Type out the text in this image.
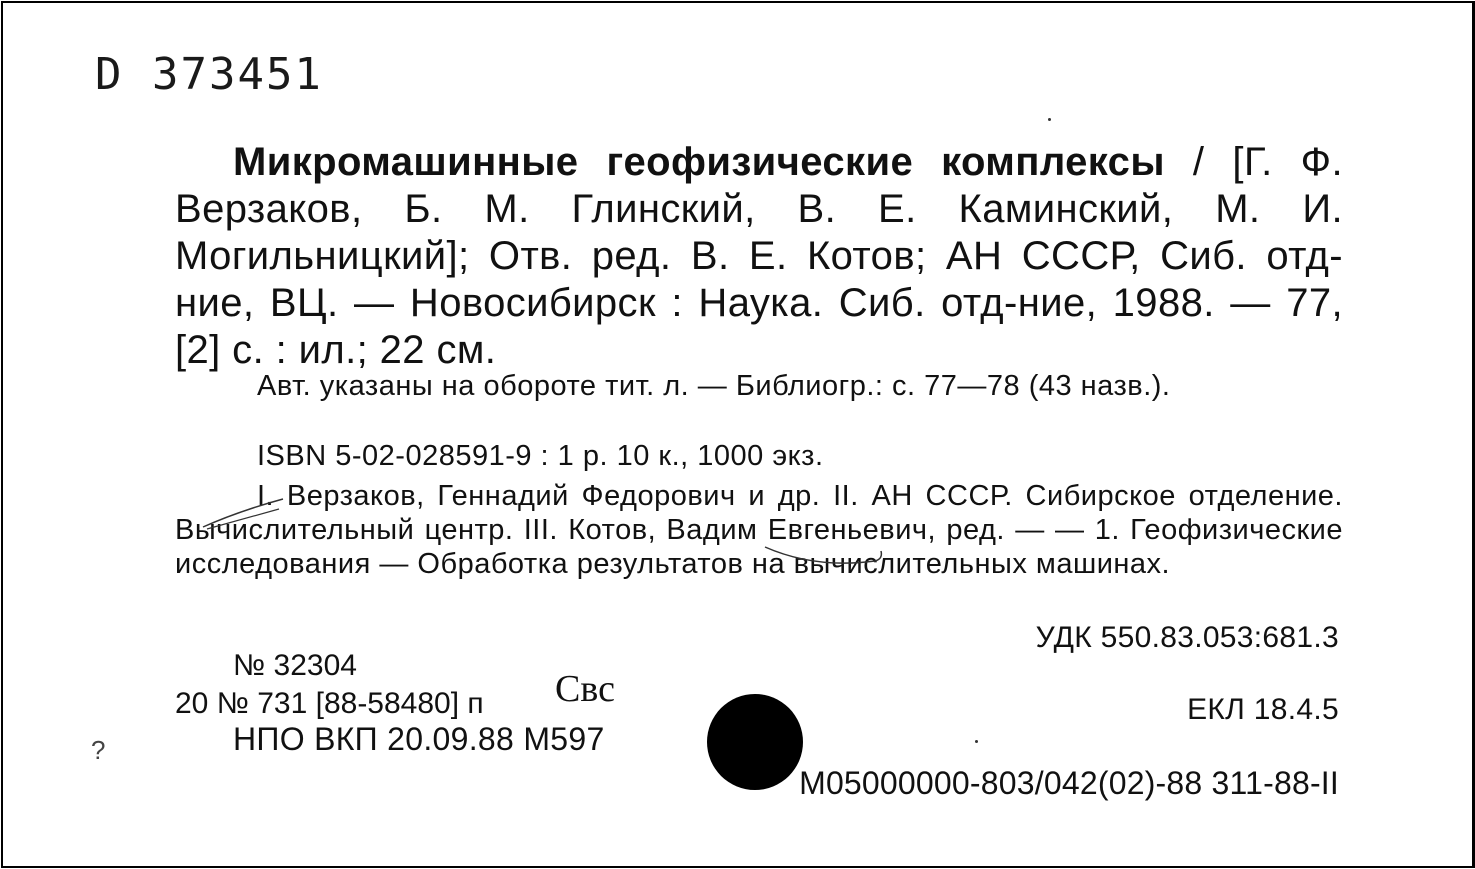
D 373451
Микромашинные геофизические комплексы / [Г. Ф. Верзаков, Б. М. Глинский, В. Е. Каминский, М. И. Могильницкий]; Отв. ред. В. Е. Котов; АН СССР, Сиб. отд-ние, ВЦ. — Новосибирск : Наука. Сиб. отд-ние, 1988. — 77,[2] с. : ил.; 22 см.
Авт. указаны на обороте тит. л. — Библиогр.: с. 77—78 (43 назв.).
ISBN 5-02-028591-9 : 1 р. 10 к., 1000 экз.
I. Верзаков, Геннадий Федорович и др. II. АН СССР. Сибирское отделение. Вычислительный центр. III. Котов, Вадим Евгеньевич, ред. — — 1. Геофизические исследования — Обработка результатов на вычислительных машинах.
УДК 550.83.053:681.3
№ 32304
20 № 731 [88-58480] п Свс
НПО ВКП 20.09.88 М597
ЕКЛ 18.4.5
M05000000-803/042(02)-88 311-88-II
?
